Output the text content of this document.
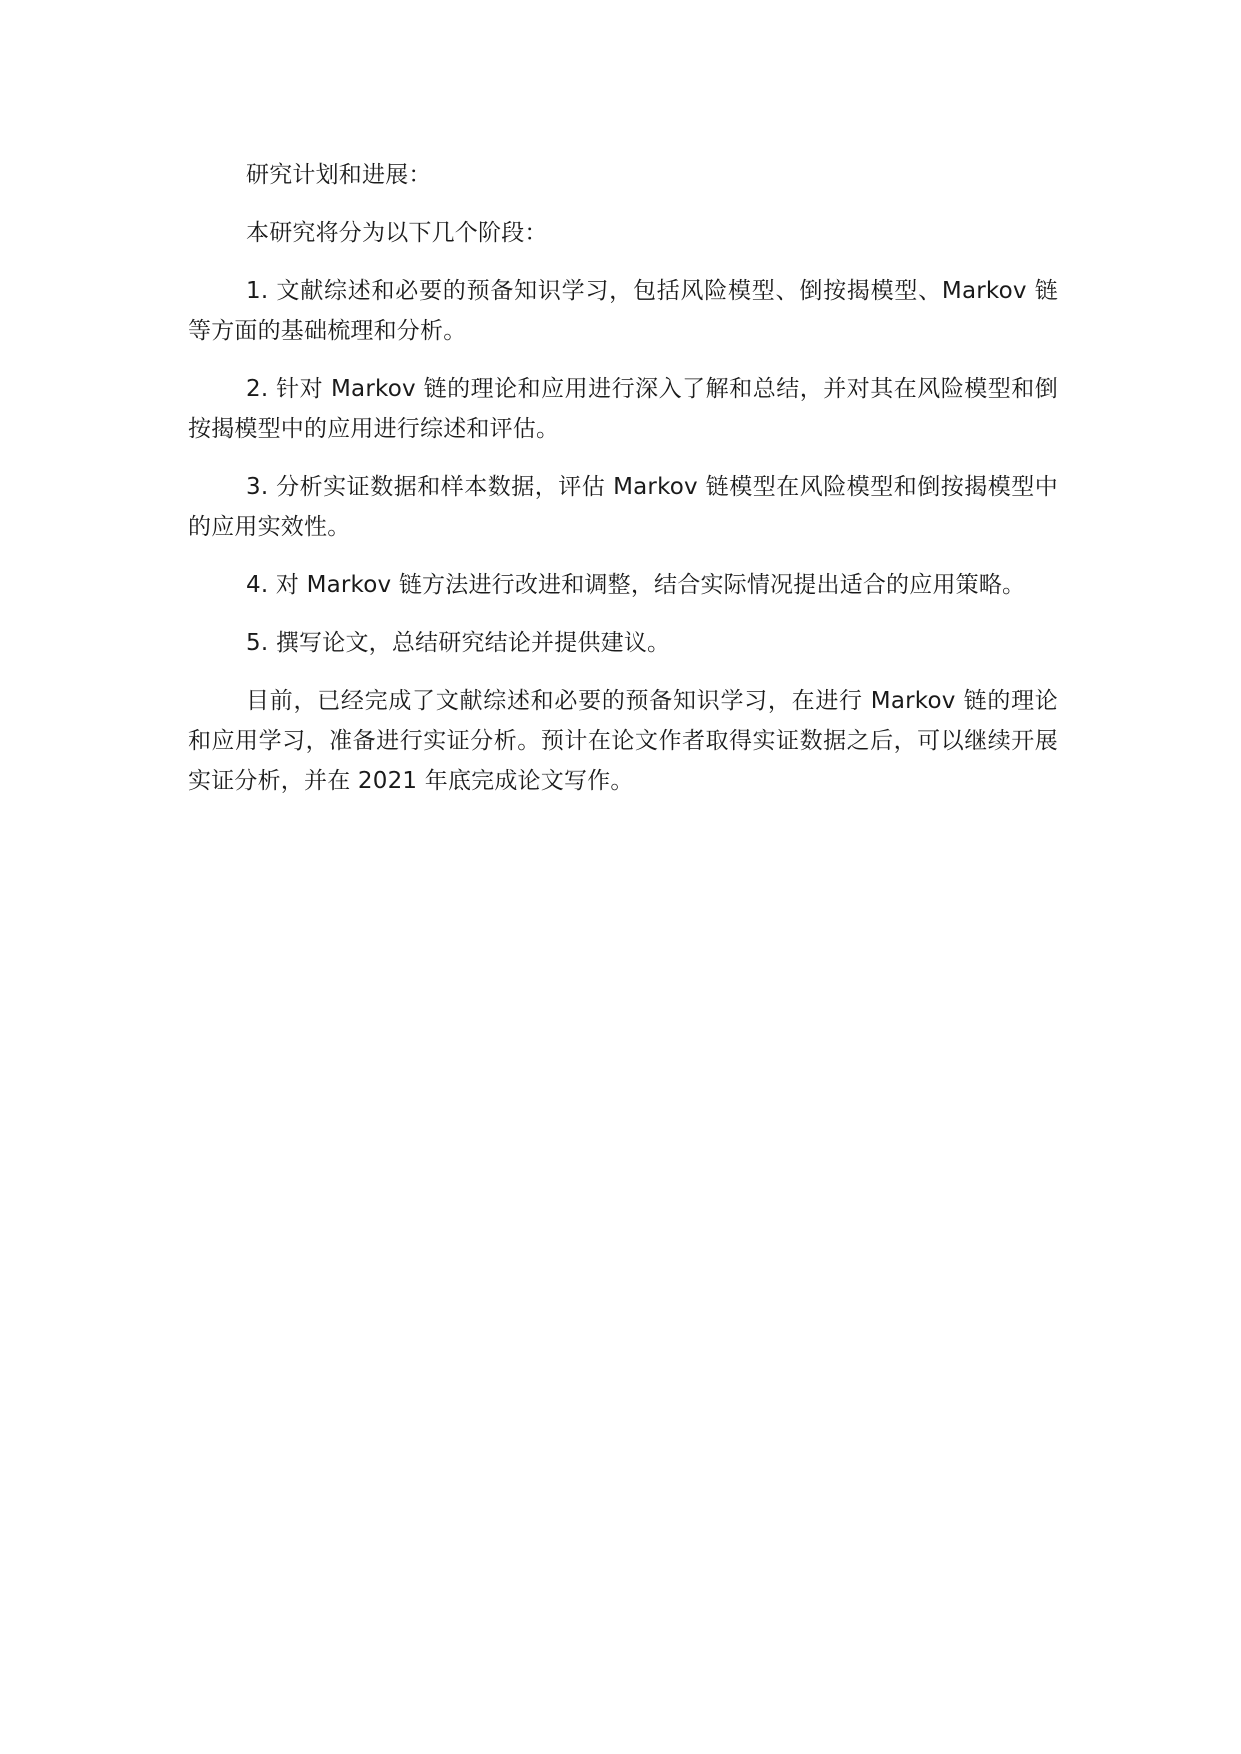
研究计划和进展：

本研究将分为以下几个阶段：

1. 文献综述和必要的预备知识学习，包括风险模型、倒按揭模型、Markov 链等方面的基础梳理和分析。

2. 针对 Markov 链的理论和应用进行深入了解和总结，并对其在风险模型和倒按揭模型中的应用进行综述和评估。

3. 分析实证数据和样本数据，评估 Markov 链模型在风险模型和倒按揭模型中的应用实效性。

4. 对 Markov 链方法进行改进和调整，结合实际情况提出适合的应用策略。

5. 撰写论文，总结研究结论并提供建议。

目前，已经完成了文献综述和必要的预备知识学习，在进行 Markov 链的理论和应用学习，准备进行实证分析。预计在论文作者取得实证数据之后，可以继续开展实证分析，并在 2021 年底完成论文写作。
